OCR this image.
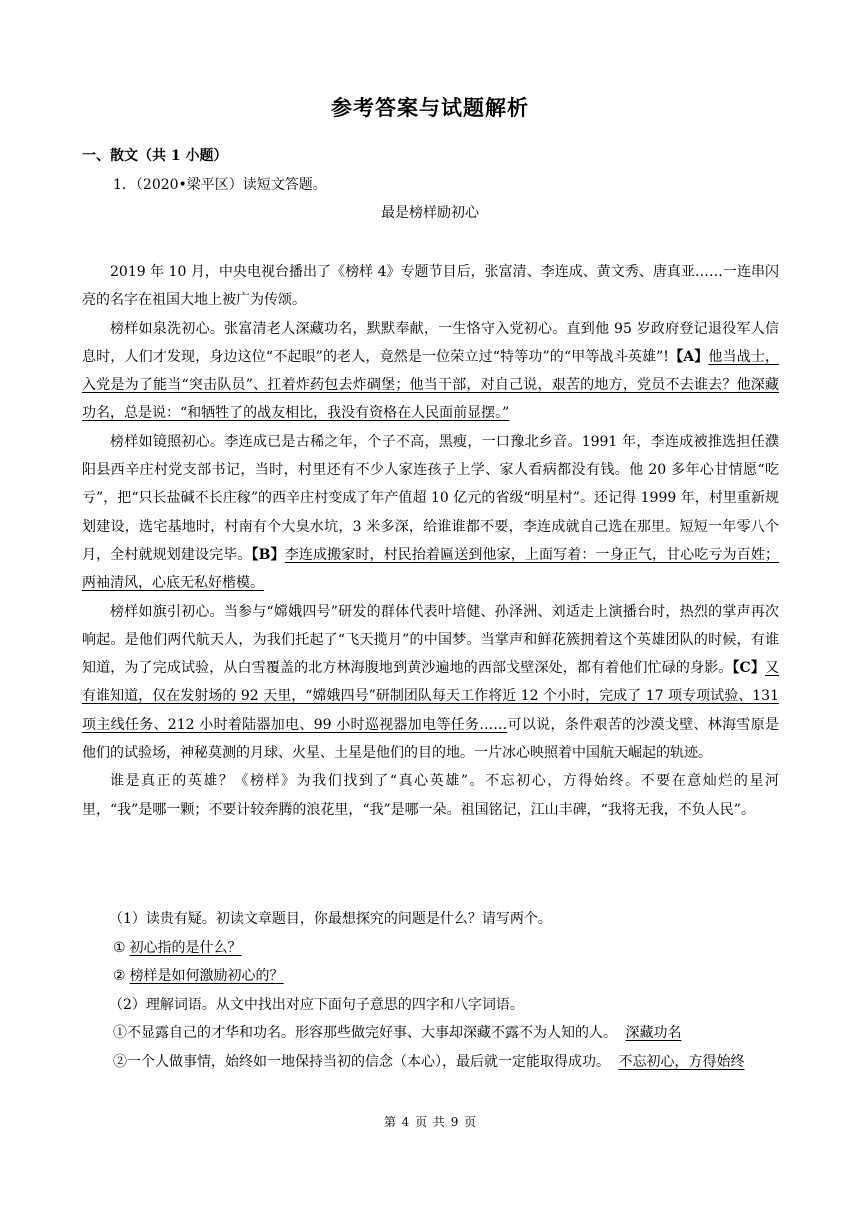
参考答案与试题解析
一、散文（共 1 小题）
1．（2020•梁平区）读短文答题。
最是榜样励初心

2019 年 10 月，中央电视台播出了《榜样 4》专题节目后，张富清、李连成、黄文秀、唐真亚……一连串闪亮的名字在祖国大地上被广为传颂。

榜样如泉洗初心。张富清老人深藏功名，默默奉献，一生恪守入党初心。直到他 95 岁政府登记退役军人信息时，人们才发现，身边这位“不起眼”的老人，竟然是一位荣立过“特等功”的“甲等战斗英雄”!【A】他当战士，入党是为了能当“突击队员”、扛着炸药包去炸碉堡；他当干部，对自己说，艰苦的地方，党员不去谁去？他深藏功名，总是说：“和牺牲了的战友相比，我没有资格在人民面前显摆。”

榜样如镜照初心。李连成已是古稀之年，个子不高，黑瘦，一口豫北乡音。1991 年，李连成被推选担任濮阳县西辛庄村党支部书记，当时，村里还有不少人家连孩子上学、家人看病都没有钱。他 20 多年心甘情愿“吃亏”，把“只长盐碱不长庄稼”的西辛庄村变成了年产值超 10 亿元的省级“明星村”。还记得 1999 年，村里重新规划建设，选宅基地时，村南有个大臭水坑，3 米多深，给谁谁都不要，李连成就自己选在那里。短短一年零八个月，全村就规划建设完毕。【B】李连成搬家时，村民抬着匾送到他家，上面写着：一身正气，甘心吃亏为百姓；两袖清风，心底无私好楷模。

榜样如旗引初心。当参与“嫦娥四号”研发的群体代表叶培健、孙泽洲、刘适走上演播台时，热烈的掌声再次响起。是他们两代航天人，为我们托起了“飞天揽月”的中国梦。当掌声和鲜花簇拥着这个英雄团队的时候，有谁知道，为了完成试验，从白雪覆盖的北方林海腹地到黄沙遍地的西部戈壁深处，都有着他们忙碌的身影。【C】又有谁知道，仅在发射场的 92 天里，“嫦娥四号”研制团队每天工作将近 12 个小时，完成了 17 项专项试验、131 项主线任务、212 小时着陆器加电、99 小时巡视器加电等任务……可以说，条件艰苦的沙漠戈壁、林海雪原是他们的试验场，神秘莫测的月球、火星、土星是他们的目的地。一片冰心映照着中国航天崛起的轨迹。

谁是真正的英雄？《榜样》为我们找到了“真心英雄”。不忘初心，方得始终。不要在意灿烂的星河里，“我”是哪一颗；不要计较奔腾的浪花里，“我”是哪一朵。祖国铭记，江山丰碑，“我将无我，不负人民”。

（1）读贵有疑。初读文章题目，你最想探究的问题是什么？请写两个。

① 初心指的是什么？

② 榜样是如何激励初心的？

（2）理解词语。从文中找出对应下面句子意思的四字和八字词语。

①不显露自己的才华和功名。形容那些做完好事、大事却深藏不露不为人知的人。 深藏功名

②一个人做事情，始终如一地保持当初的信念（本心），最后就一定能取得成功。 不忘初心，方得始终

第 4 页 共 9 页
